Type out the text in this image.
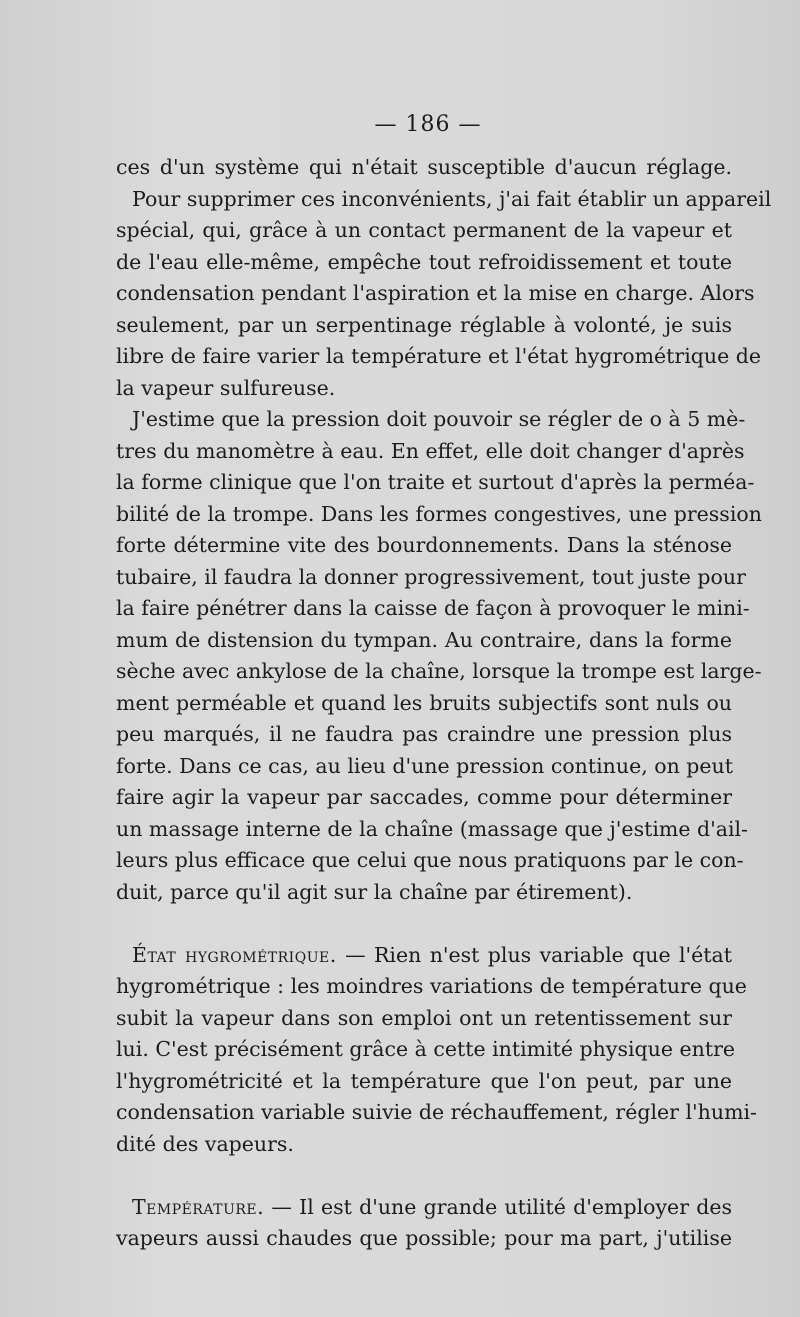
— 186 —
ces d'un système qui n'était susceptible d'aucun réglage.
Pour supprimer ces inconvénients, j'ai fait établir un appareil
spécial, qui, grâce à un contact permanent de la vapeur et
de l'eau elle-même, empêche tout refroidissement et toute
condensation pendant l'aspiration et la mise en charge. Alors
seulement, par un serpentinage réglable à volonté, je suis
libre de faire varier la température et l'état hygrométrique de
la vapeur sulfureuse.
J'estime que la pression doit pouvoir se régler de o à 5 mè-
tres du manomètre à eau. En effet, elle doit changer d'après
la forme clinique que l'on traite et surtout d'après la perméa-
bilité de la trompe. Dans les formes congestives, une pression
forte détermine vite des bourdonnements. Dans la sténose
tubaire, il faudra la donner progressivement, tout juste pour
la faire pénétrer dans la caisse de façon à provoquer le mini-
mum de distension du tympan. Au contraire, dans la forme
sèche avec ankylose de la chaîne, lorsque la trompe est large-
ment perméable et quand les bruits subjectifs sont nuls ou
peu marqués, il ne faudra pas craindre une pression plus
forte. Dans ce cas, au lieu d'une pression continue, on peut
faire agir la vapeur par saccades, comme pour déterminer
un massage interne de la chaîne (massage que j'estime d'ail-
leurs plus efficace que celui que nous pratiquons par le con-
duit, parce qu'il agit sur la chaîne par étirement).
État hygrométrique. — Rien n'est plus variable que l'état
hygrométrique : les moindres variations de température que
subit la vapeur dans son emploi ont un retentissement sur
lui. C'est précisément grâce à cette intimité physique entre
l'hygrométricité et la température que l'on peut, par une
condensation variable suivie de réchauffement, régler l'humi-
dité des vapeurs.
Température. — Il est d'une grande utilité d'employer des
vapeurs aussi chaudes que possible; pour ma part, j'utilise
